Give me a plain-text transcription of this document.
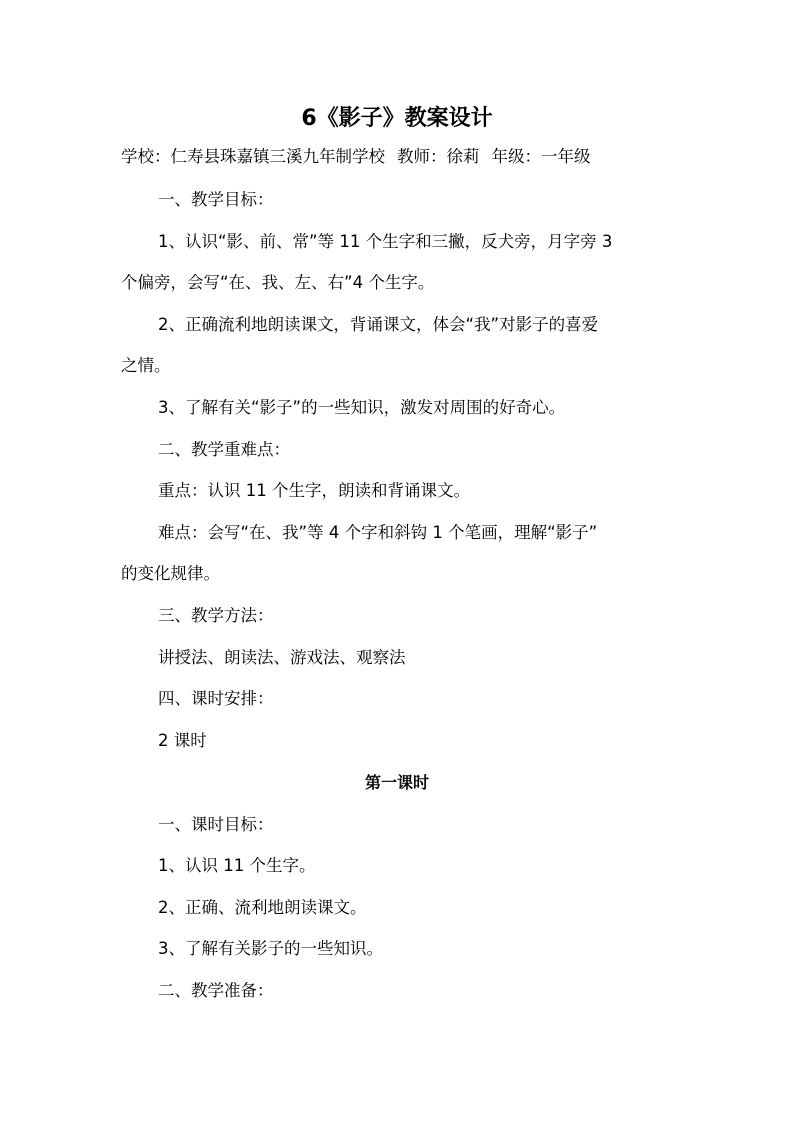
6《影子》教案设计
学校：仁寿县珠嘉镇三溪九年制学校 教师：徐莉 年级：一年级
一、教学目标：
1、认识“影、前、常”等 11 个生字和三撇，反犬旁，月字旁 3
个偏旁，会写“在、我、左、右”4 个生字。
2、正确流利地朗读课文，背诵课文，体会“我”对影子的喜爱
之情。
3、了解有关“影子”的一些知识，激发对周围的好奇心。
二、教学重难点：
重点：认识 11 个生字，朗读和背诵课文。
难点：会写“在、我”等 4 个字和斜钩 1 个笔画，理解“影子”
的变化规律。
三、教学方法：
讲授法、朗读法、游戏法、观察法
四、课时安排：
2 课时
第一课时
一、课时目标：
1、认识 11 个生字。
2、正确、流利地朗读课文。
3、了解有关影子的一些知识。
二、教学准备：
